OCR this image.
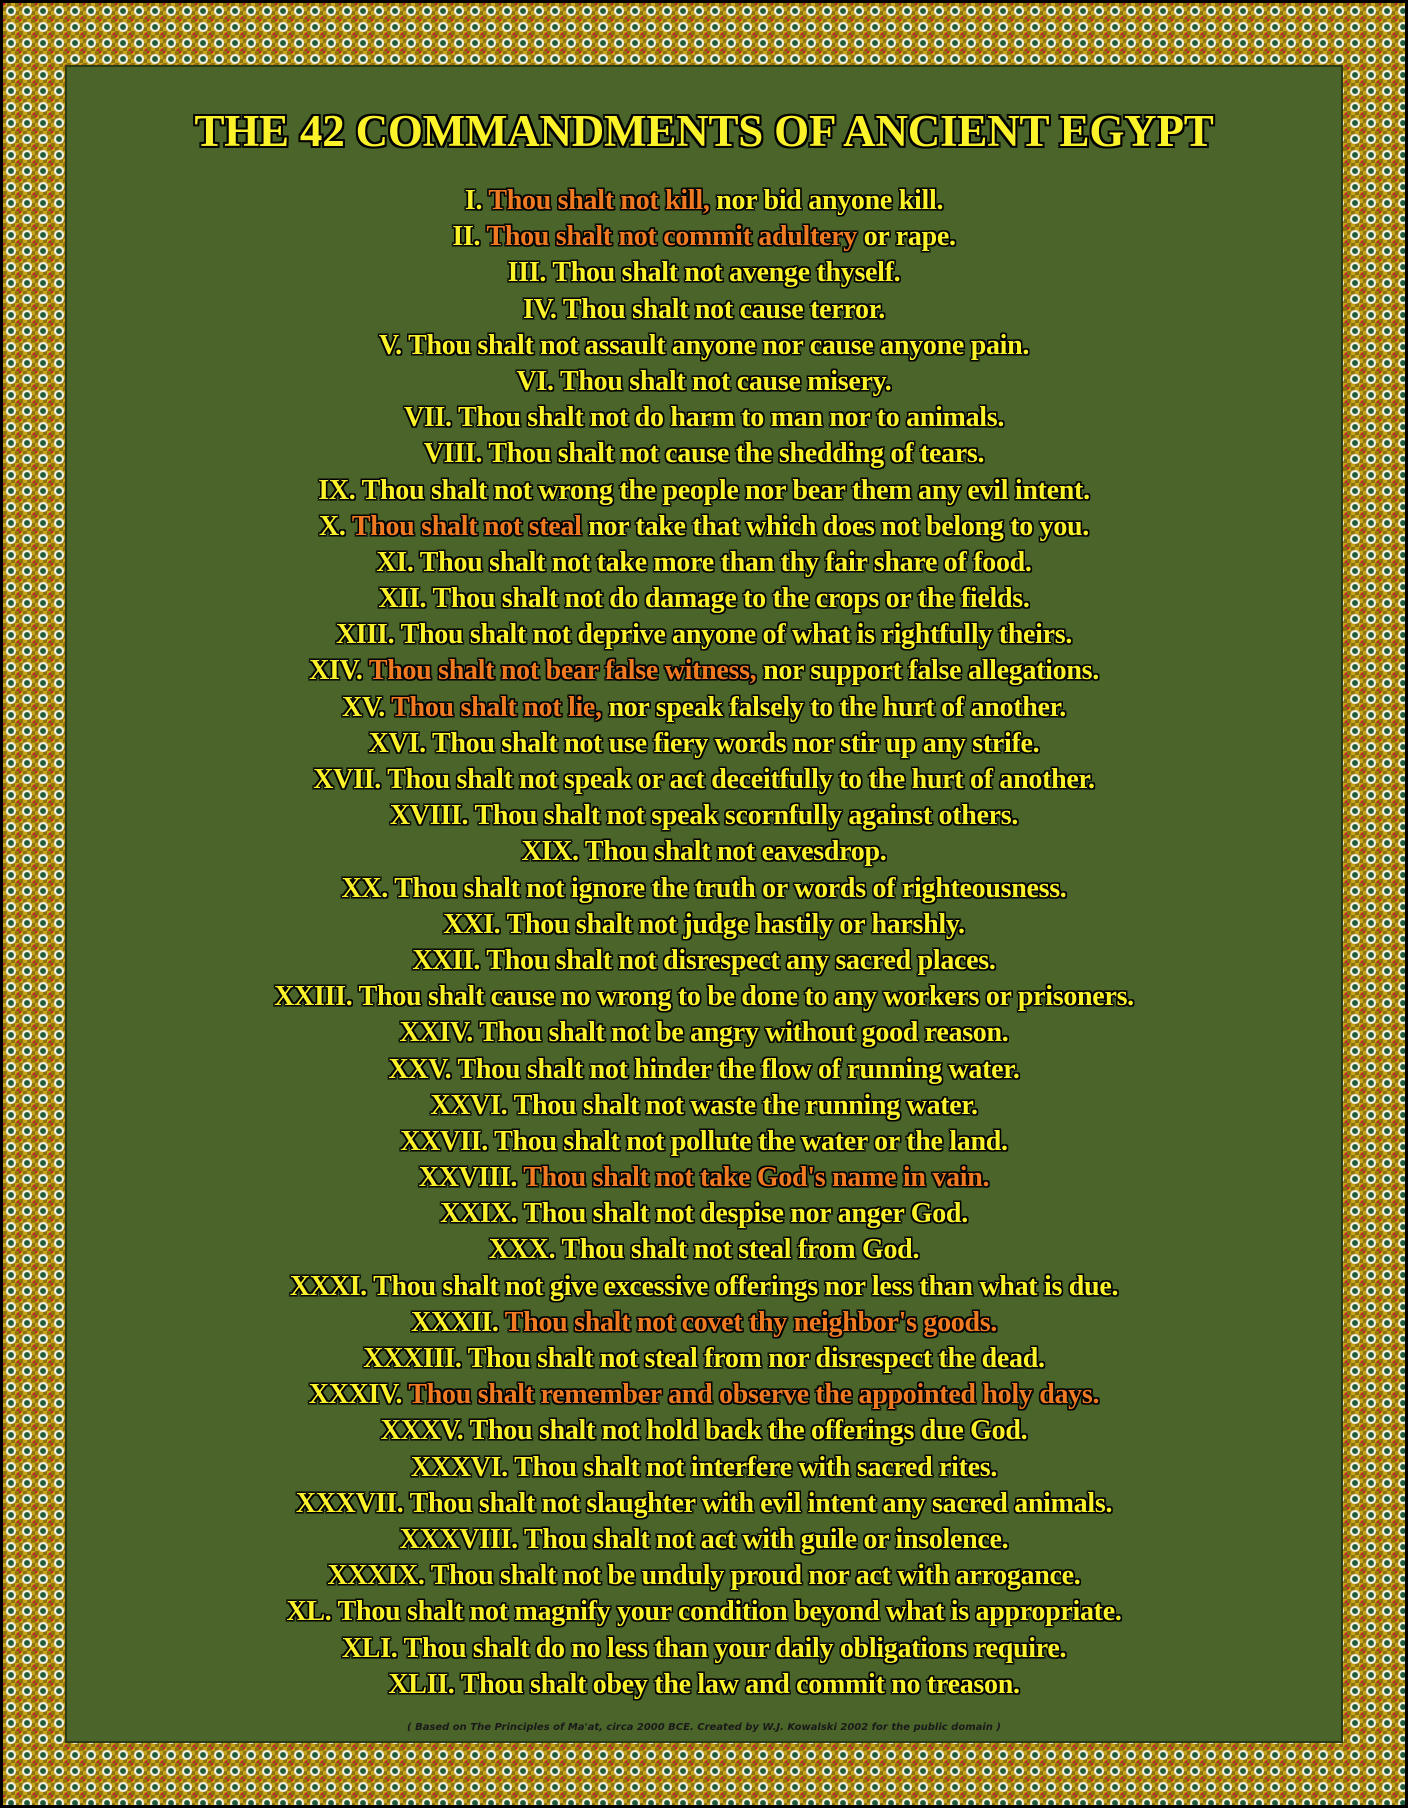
THE 42 COMMANDMENTS OF ANCIENT EGYPT
I. Thou shalt not kill, nor bid anyone kill.
II. Thou shalt not commit adultery or rape.
III. Thou shalt not avenge thyself.
IV. Thou shalt not cause terror.
V. Thou shalt not assault anyone nor cause anyone pain.
VI. Thou shalt not cause misery.
VII. Thou shalt not do harm to man nor to animals.
VIII. Thou shalt not cause the shedding of tears.
IX. Thou shalt not wrong the people nor bear them any evil intent.
X. Thou shalt not steal nor take that which does not belong to you.
XI. Thou shalt not take more than thy fair share of food.
XII. Thou shalt not do damage to the crops or the fields.
XIII. Thou shalt not deprive anyone of what is rightfully theirs.
XIV. Thou shalt not bear false witness, nor support false allegations.
XV. Thou shalt not lie, nor speak falsely to the hurt of another.
XVI. Thou shalt not use fiery words nor stir up any strife.
XVII. Thou shalt not speak or act deceitfully to the hurt of another.
XVIII. Thou shalt not speak scornfully against others.
XIX. Thou shalt not eavesdrop.
XX. Thou shalt not ignore the truth or words of righteousness.
XXI. Thou shalt not judge hastily or harshly.
XXII. Thou shalt not disrespect any sacred places.
XXIII. Thou shalt cause no wrong to be done to any workers or prisoners.
XXIV. Thou shalt not be angry without good reason.
XXV. Thou shalt not hinder the flow of running water.
XXVI. Thou shalt not waste the running water.
XXVII. Thou shalt not pollute the water or the land.
XXVIII. Thou shalt not take God's name in vain.
XXIX. Thou shalt not despise nor anger God.
XXX. Thou shalt not steal from God.
XXXI. Thou shalt not give excessive offerings nor less than what is due.
XXXII. Thou shalt not covet thy neighbor's goods.
XXXIII. Thou shalt not steal from nor disrespect the dead.
XXXIV. Thou shalt remember and observe the appointed holy days.
XXXV. Thou shalt not hold back the offerings due God.
XXXVI. Thou shalt not interfere with sacred rites.
XXXVII. Thou shalt not slaughter with evil intent any sacred animals.
XXXVIII. Thou shalt not act with guile or insolence.
XXXIX. Thou shalt not be unduly proud nor act with arrogance.
XL. Thou shalt not magnify your condition beyond what is appropriate.
XLI. Thou shalt do no less than your daily obligations require.
XLII. Thou shalt obey the law and commit no treason.
( Based on The Principles of Ma'at, circa 2000 BCE. Created by W.J. Kowalski 2002 for the public domain )
